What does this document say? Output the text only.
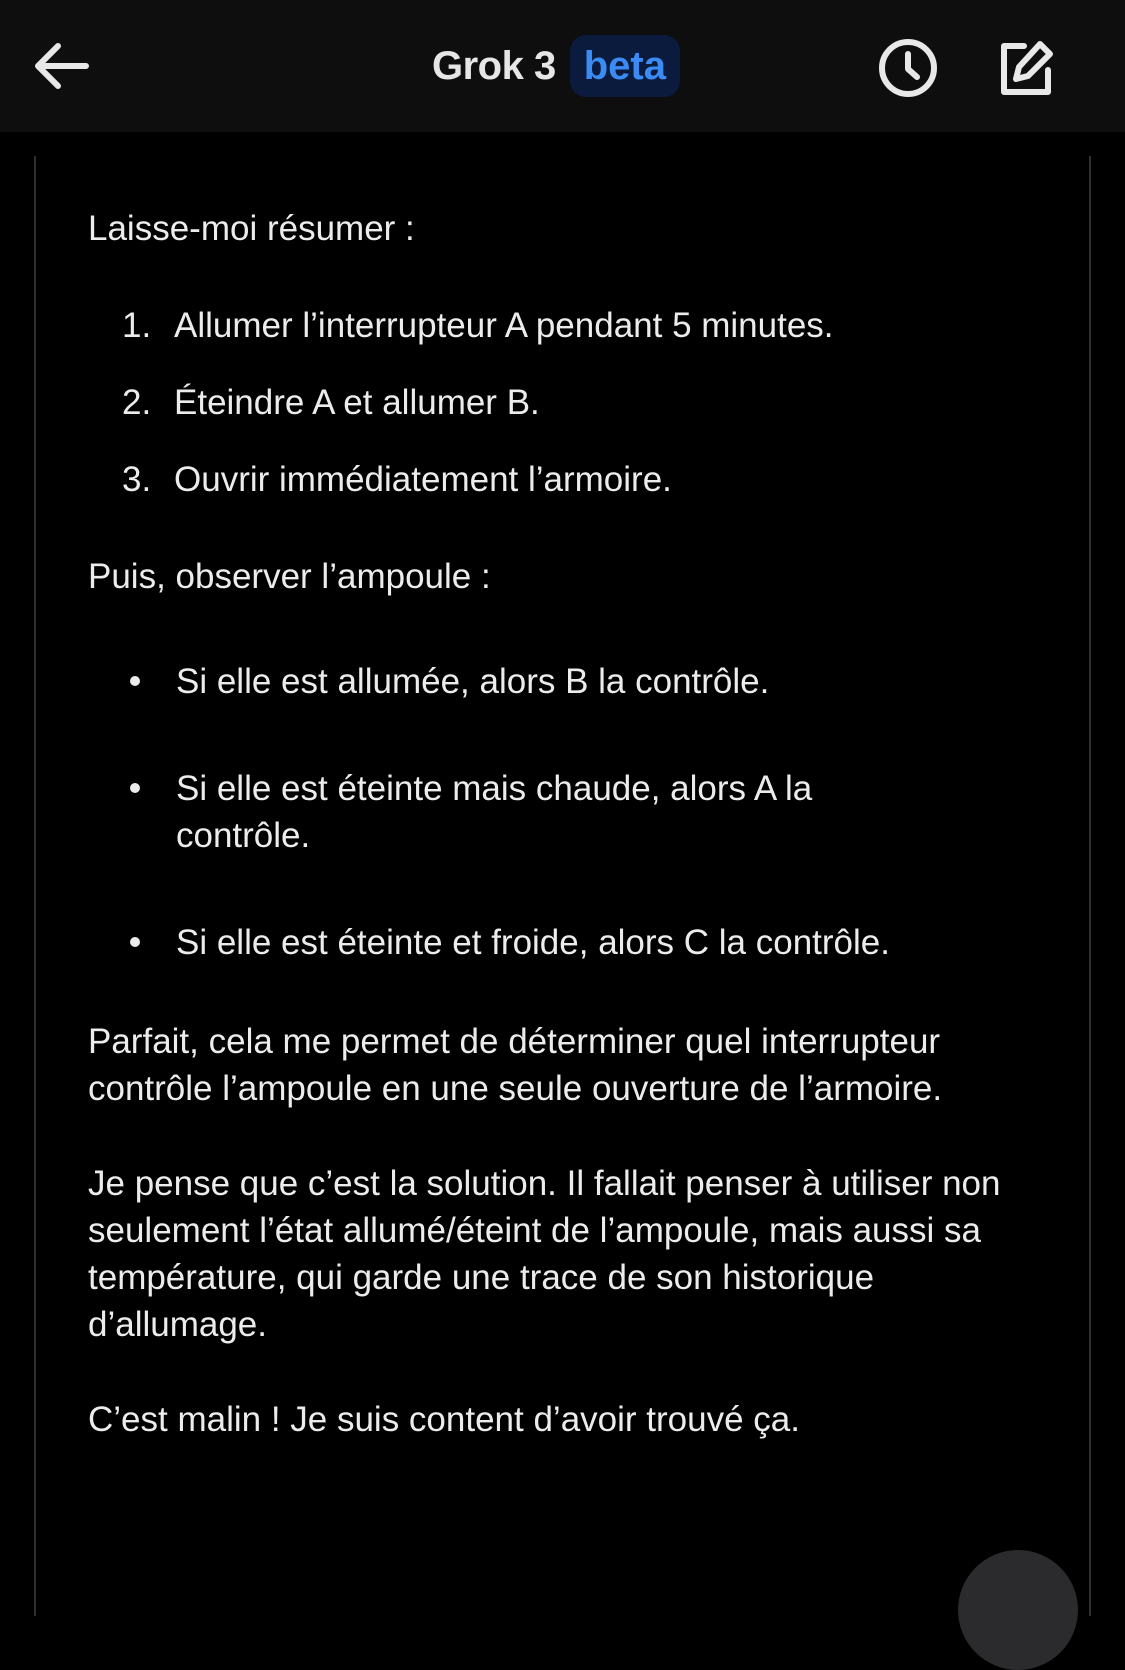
Grok 3 beta

Laisse-moi résumer :

1. Allumer l’interrupteur A pendant 5 minutes.
2. Éteindre A et allumer B.
3. Ouvrir immédiatement l’armoire.

Puis, observer l’ampoule :

Si elle est allumée, alors B la contrôle.
Si elle est éteinte mais chaude, alors A la contrôle.
Si elle est éteinte et froide, alors C la contrôle.

Parfait, cela me permet de déterminer quel interrupteur contrôle l’ampoule en une seule ouverture de l’armoire.

Je pense que c’est la solution. Il fallait penser à utiliser non seulement l’état allumé/éteint de l’ampoule, mais aussi sa température, qui garde une trace de son historique d’allumage.

C’est malin ! Je suis content d’avoir trouvé ça.
